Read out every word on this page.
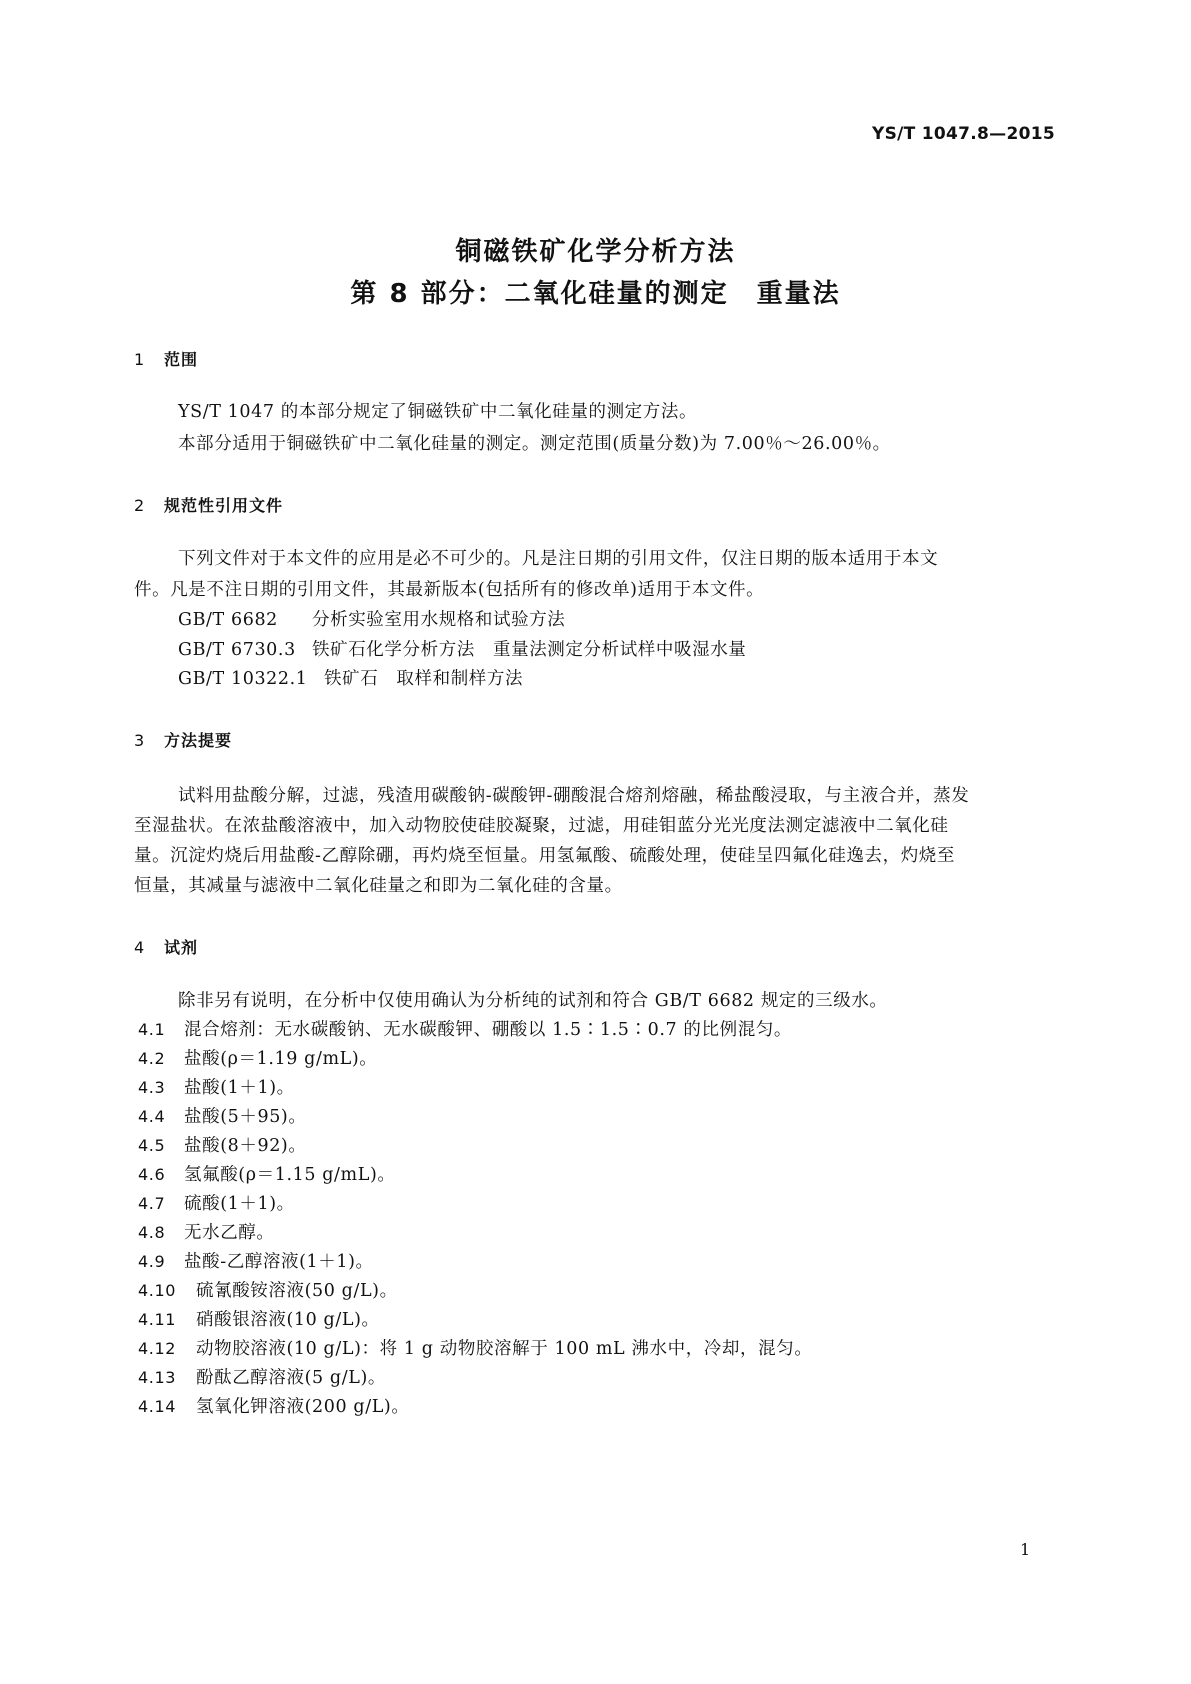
YS/T 1047.8—2015
铜磁铁矿化学分析方法
第 8 部分：二氧化硅量的测定　重量法
1 范围
YS/T 1047 的本部分规定了铜磁铁矿中二氧化硅量的测定方法。
本部分适用于铜磁铁矿中二氧化硅量的测定。测定范围(质量分数)为 7.00％～26.00％。
2 规范性引用文件
下列文件对于本文件的应用是必不可少的。凡是注日期的引用文件，仅注日期的版本适用于本文
件。凡是不注日期的引用文件，其最新版本(包括所有的修改单)适用于本文件。
GB/T 6682 分析实验室用水规格和试验方法
GB/T 6730.3 铁矿石化学分析方法　重量法测定分析试样中吸湿水量
GB/T 10322.1 铁矿石　取样和制样方法
3 方法提要
试料用盐酸分解，过滤，残渣用碳酸钠-碳酸钾-硼酸混合熔剂熔融，稀盐酸浸取，与主液合并，蒸发
至湿盐状。在浓盐酸溶液中，加入动物胶使硅胶凝聚，过滤，用硅钼蓝分光光度法测定滤液中二氧化硅
量。沉淀灼烧后用盐酸-乙醇除硼，再灼烧至恒量。用氢氟酸、硫酸处理，使硅呈四氟化硅逸去，灼烧至
恒量，其减量与滤液中二氧化硅量之和即为二氧化硅的含量。
4 试剂
除非另有说明，在分析中仅使用确认为分析纯的试剂和符合 GB/T 6682 规定的三级水。
4.1 混合熔剂：无水碳酸钠、无水碳酸钾、硼酸以 1.5∶1.5∶0.7 的比例混匀。
4.2 盐酸(ρ＝1.19 g/mL)。
4.3 盐酸(1＋1)。
4.4 盐酸(5＋95)。
4.5 盐酸(8＋92)。
4.6 氢氟酸(ρ＝1.15 g/mL)。
4.7 硫酸(1＋1)。
4.8 无水乙醇。
4.9 盐酸-乙醇溶液(1＋1)。
4.10 硫氰酸铵溶液(50 g/L)。
4.11 硝酸银溶液(10 g/L)。
4.12 动物胶溶液(10 g/L)：将 1 g 动物胶溶解于 100 mL 沸水中，冷却，混匀。
4.13 酚酞乙醇溶液(5 g/L)。
4.14 氢氧化钾溶液(200 g/L)。
1
